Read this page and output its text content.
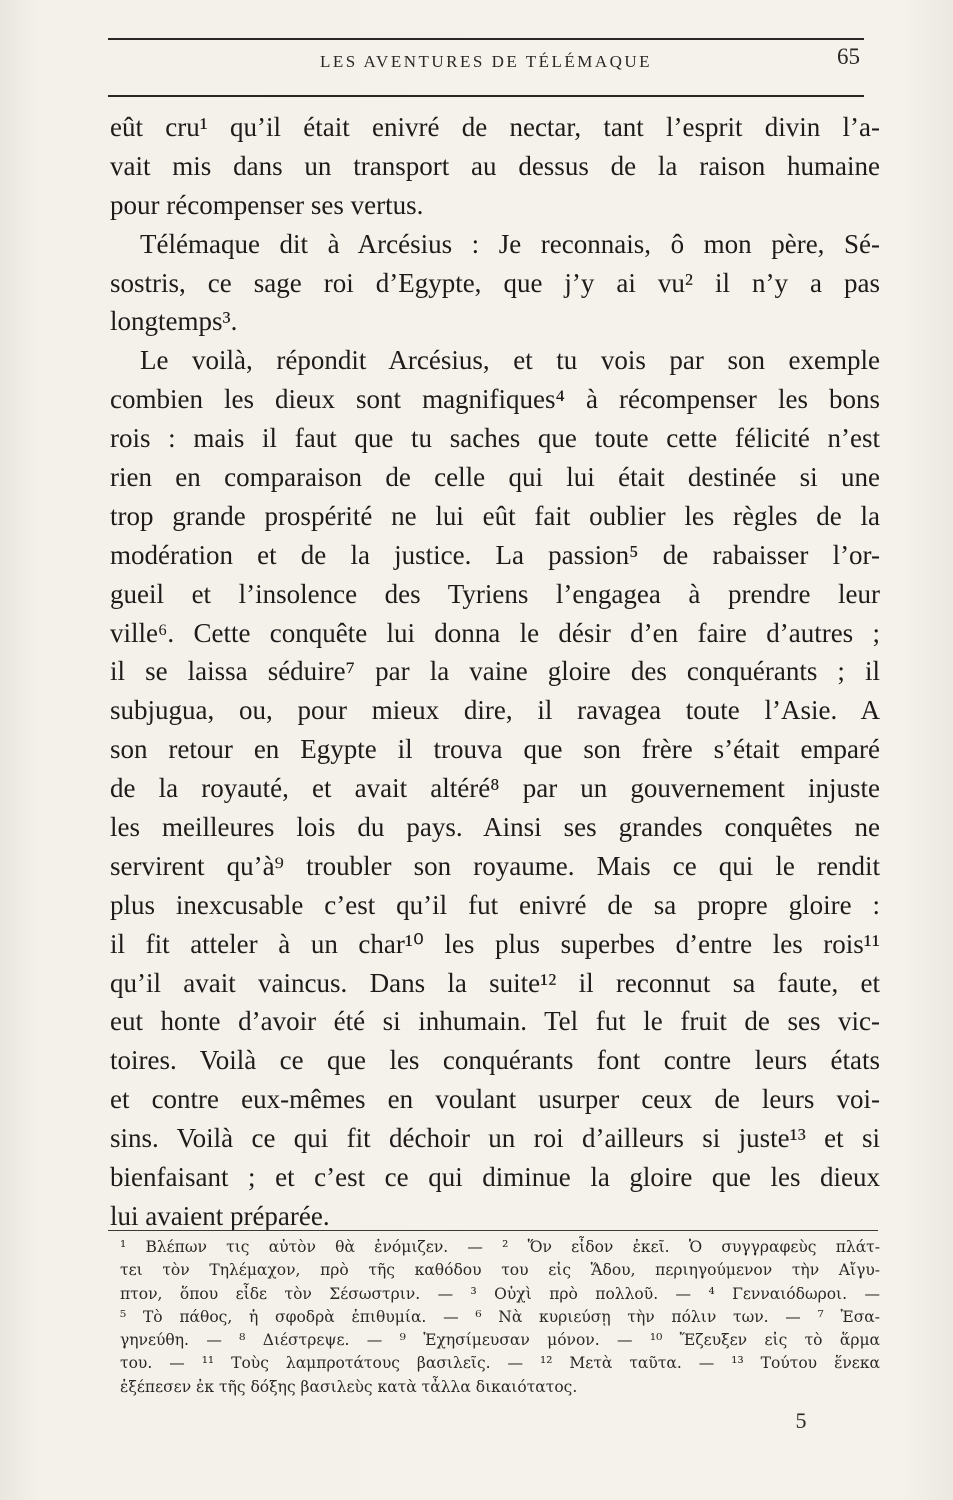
LES AVENTURES DE TÉLÉMAQUE	65
eût cru¹ qu’il était enivré de nectar, tant l’esprit divin l’a-
vait mis dans un transport au dessus de la raison humaine
pour récompenser ses vertus.
Télémaque dit à Arcésius : Je reconnais, ô mon père, Sé-
sostris, ce sage roi d’Egypte, que j’y ai vu² il n’y a pas
longtemps³.
Le voilà, répondit Arcésius, et tu vois par son exemple
combien les dieux sont magnifiques⁴ à récompenser les bons
rois : mais il faut que tu saches que toute cette félicité n’est
rien en comparaison de celle qui lui était destinée si une
trop grande prospérité ne lui eût fait oublier les règles de la
modération et de la justice. La passion⁵ de rabaisser l’or-
gueil et l’insolence des Tyriens l’engagea à prendre leur
ville⁶. Cette conquête lui donna le désir d’en faire d’autres ;
il se laissa séduire⁷ par la vaine gloire des conquérants ; il
subjugua, ou, pour mieux dire, il ravagea toute l’Asie. A
son retour en Egypte il trouva que son frère s’était emparé
de la royauté, et avait altéré⁸ par un gouvernement injuste
les meilleures lois du pays. Ainsi ses grandes conquêtes ne
servirent qu’à⁹ troubler son royaume. Mais ce qui le rendit
plus inexcusable c’est qu’il fut enivré de sa propre gloire :
il fit atteler à un char¹⁰ les plus superbes d’entre les rois¹¹
qu’il avait vaincus. Dans la suite¹² il reconnut sa faute, et
eut honte d’avoir été si inhumain. Tel fut le fruit de ses vic-
toires. Voilà ce que les conquérants font contre leurs états
et contre eux-mêmes en voulant usurper ceux de leurs voi-
sins. Voilà ce qui fit déchoir un roi d’ailleurs si juste¹³ et si
bienfaisant ; et c’est ce qui diminue la gloire que les dieux
lui avaient préparée.
¹ Βλέπων τις αὐτὸν θὰ ἐνόμιζεν. — ² Ὅν εἶδον ἐκεῖ. Ὁ συγγραφεὺς πλάτ-
τει τὸν Τηλέμαχον, πρὸ τῆς καθόδου του εἰς Ἅδου, περιηγούμενον τὴν Αἴγυ-
πτον, ὅπου εἶδε τὸν Σέσωστριν. — ³ Οὐχὶ πρὸ πολλοῦ. — ⁴ Γενναιόδωροι. —
⁵ Τὸ πάθος, ἡ σφοδρὰ ἐπιθυμία. — ⁶ Νὰ κυριεύσῃ τὴν πόλιν των. — ⁷ Ἐσα-
γηνεύθη. — ⁸ Διέστρεψε. — ⁹ Ἐχησίμευσαν μόνον. — ¹⁰ Ἔζευξεν εἰς τὸ ἅρμα
του. — ¹¹ Τοὺς λαμπροτάτους βασιλεῖς. — ¹² Μετὰ ταῦτα. — ¹³ Τούτου ἕνεκα
ἐξέπεσεν ἐκ τῆς δόξης βασιλεὺς κατὰ τἆλλα δικαιότατος.
5
